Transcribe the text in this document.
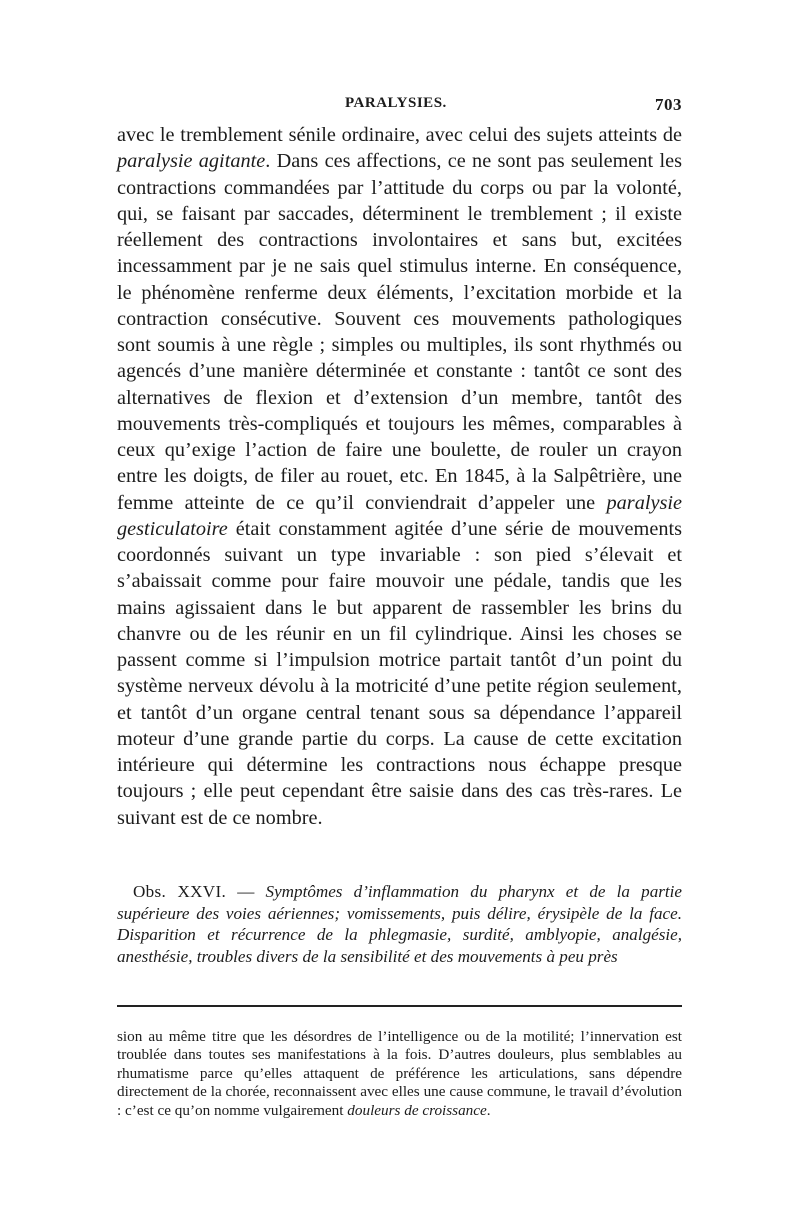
PARALYSIES.	703

avec le tremblement sénile ordinaire, avec celui des sujets atteints de paralysie agitante. Dans ces affections, ce ne sont pas seulement les contractions commandées par l’attitude du corps ou par la volonté, qui, se faisant par saccades, déterminent le tremblement ; il existe réellement des contractions involontaires et sans but, excitées incessamment par je ne sais quel stimulus interne. En conséquence, le phénomène renferme deux éléments, l’excitation morbide et la contraction consécutive. Souvent ces mouvements pathologiques sont soumis à une règle ; simples ou multiples, ils sont rhythmés ou agencés d’une manière déterminée et constante : tantôt ce sont des alternatives de flexion et d’extension d’un membre, tantôt des mouvements très-compliqués et toujours les mêmes, comparables à ceux qu’exige l’action de faire une boulette, de rouler un crayon entre les doigts, de filer au rouet, etc. En 1845, à la Salpêtrière, une femme atteinte de ce qu’il conviendrait d’appeler une paralysie gesticulatoire était constamment agitée d’une série de mouvements coordonnés suivant un type invariable : son pied s’élevait et s’abaissait comme pour faire mouvoir une pédale, tandis que les mains agissaient dans le but apparent de rassembler les brins du chanvre ou de les réunir en un fil cylindrique. Ainsi les choses se passent comme si l’impulsion motrice partait tantôt d’un point du système nerveux dévolu à la motricité d’une petite région seulement, et tantôt d’un organe central tenant sous sa dépendance l’appareil moteur d’une grande partie du corps. La cause de cette excitation intérieure qui détermine les contractions nous échappe presque toujours ; elle peut cependant être saisie dans des cas très-rares. Le suivant est de ce nombre.

Obs. XXVI. — Symptômes d’inflammation du pharynx et de la partie supérieure des voies aériennes; vomissements, puis délire, érysipèle de la face. Disparition et récurrence de la phlegmasie, surdité, amblyopie, analgésie, anesthésie, troubles divers de la sensibilité et des mouvements à peu près

sion au même titre que les désordres de l’intelligence ou de la motilité; l’innervation est troublée dans toutes ses manifestations à la fois. D’autres douleurs, plus semblables au rhumatisme parce qu’elles attaquent de préférence les articulations, sans dépendre directement de la chorée, reconnaissent avec elles une cause commune, le travail d’évolution : c’est ce qu’on nomme vulgairement douleurs de croissance.
